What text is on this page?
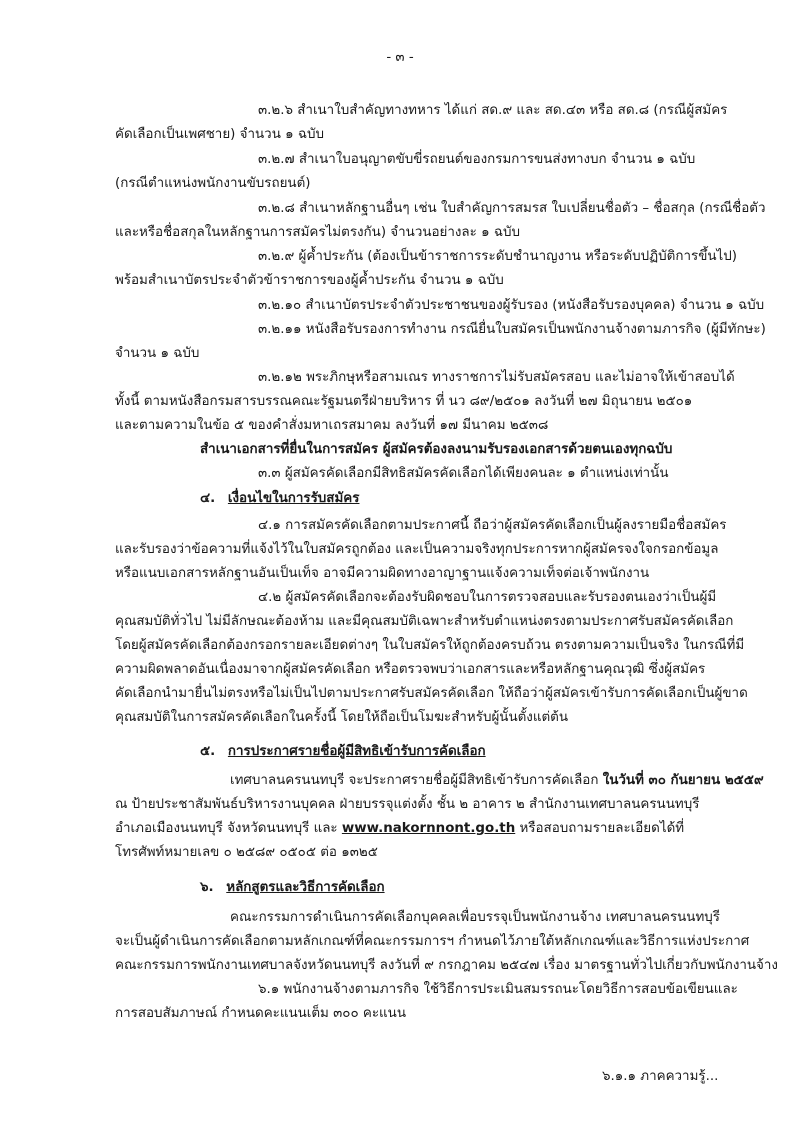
- ๓ -
๓.๒.๖ สำเนาใบสำคัญทางทหาร ได้แก่ สด.๙ และ สด.๔๓ หรือ สด.๘ (กรณีผู้สมัคร
คัดเลือกเป็นเพศชาย) จำนวน ๑ ฉบับ
๓.๒.๗ สำเนาใบอนุญาตขับขี่รถยนต์ของกรมการขนส่งทางบก จำนวน ๑ ฉบับ
(กรณีตำแหน่งพนักงานขับรถยนต์)
๓.๒.๘ สำเนาหลักฐานอื่นๆ เช่น ใบสำคัญการสมรส ใบเปลี่ยนชื่อตัว – ชื่อสกุล (กรณีชื่อตัว
และหรือชื่อสกุลในหลักฐานการสมัครไม่ตรงกัน) จำนวนอย่างละ ๑ ฉบับ
๓.๒.๙ ผู้ค้ำประกัน (ต้องเป็นข้าราชการระดับชำนาญงาน หรือระดับปฏิบัติการขึ้นไป)
พร้อมสำเนาบัตรประจำตัวข้าราชการของผู้ค้ำประกัน จำนวน ๑ ฉบับ
๓.๒.๑๐ สำเนาบัตรประจำตัวประชาชนของผู้รับรอง (หนังสือรับรองบุคคล) จำนวน ๑ ฉบับ
๓.๒.๑๑ หนังสือรับรองการทำงาน กรณียื่นใบสมัครเป็นพนักงานจ้างตามภารกิจ (ผู้มีทักษะ)
จำนวน ๑ ฉบับ
๓.๒.๑๒ พระภิกษุหรือสามเณร ทางราชการไม่รับสมัครสอบ และไม่อาจให้เข้าสอบได้
ทั้งนี้ ตามหนังสือกรมสารบรรณคณะรัฐมนตรีฝ่ายบริหาร ที่ นว ๘๙/๒๕๐๑ ลงวันที่ ๒๗ มิถุนายน ๒๕๐๑
และตามความในข้อ ๕ ของคำสั่งมหาเถรสมาคม ลงวันที่ ๑๗ มีนาคม ๒๕๓๘
สำเนาเอกสารที่ยื่นในการสมัคร ผู้สมัครต้องลงนามรับรองเอกสารด้วยตนเองทุกฉบับ
๓.๓ ผู้สมัครคัดเลือกมีสิทธิสมัครคัดเลือกได้เพียงคนละ ๑ ตำแหน่งเท่านั้น
๔. เงื่อนไขในการรับสมัคร
๔.๑ การสมัครคัดเลือกตามประกาศนี้ ถือว่าผู้สมัครคัดเลือกเป็นผู้ลงรายมือชื่อสมัคร
และรับรองว่าข้อความที่แจ้งไว้ในใบสมัครถูกต้อง และเป็นความจริงทุกประการหากผู้สมัครจงใจกรอกข้อมูล
หรือแนบเอกสารหลักฐานอันเป็นเท็จ อาจมีความผิดทางอาญาฐานแจ้งความเท็จต่อเจ้าพนักงาน
๔.๒ ผู้สมัครคัดเลือกจะต้องรับผิดชอบในการตรวจสอบและรับรองตนเองว่าเป็นผู้มี
คุณสมบัติทั่วไป ไม่มีลักษณะต้องห้าม และมีคุณสมบัติเฉพาะสำหรับตำแหน่งตรงตามประกาศรับสมัครคัดเลือก
โดยผู้สมัครคัดเลือกต้องกรอกรายละเอียดต่างๆ ในใบสมัครให้ถูกต้องครบถ้วน ตรงตามความเป็นจริง ในกรณีที่มี
ความผิดพลาดอันเนื่องมาจากผู้สมัครคัดเลือก หรือตรวจพบว่าเอกสารและหรือหลักฐานคุณวุฒิ ซึ่งผู้สมัคร
คัดเลือกนำมายื่นไม่ตรงหรือไม่เป็นไปตามประกาศรับสมัครคัดเลือก ให้ถือว่าผู้สมัครเข้ารับการคัดเลือกเป็นผู้ขาด
คุณสมบัติในการสมัครคัดเลือกในครั้งนี้ โดยให้ถือเป็นโมฆะสำหรับผู้นั้นตั้งแต่ต้น
๕. การประกาศรายชื่อผู้มีสิทธิเข้ารับการคัดเลือก
เทศบาลนครนนทบุรี จะประกาศรายชื่อผู้มีสิทธิเข้ารับการคัดเลือก ในวันที่ ๓๐ กันยายน ๒๕๕๙
ณ ป้ายประชาสัมพันธ์บริหารงานบุคคล ฝ่ายบรรจุแต่งตั้ง ชั้น ๒ อาคาร ๒ สำนักงานเทศบาลนครนนทบุรี
อำเภอเมืองนนทบุรี จังหวัดนนทบุรี และ www.nakornnont.go.th หรือสอบถามรายละเอียดได้ที่
โทรศัพท์หมายเลข ๐ ๒๕๘๙ ๐๕๐๕ ต่อ ๑๓๒๕
๖. หลักสูตรและวิธีการคัดเลือก
คณะกรรมการดำเนินการคัดเลือกบุคคลเพื่อบรรจุเป็นพนักงานจ้าง เทศบาลนครนนทบุรี
จะเป็นผู้ดำเนินการคัดเลือกตามหลักเกณฑ์ที่คณะกรรมการฯ กำหนดไว้ภายใต้หลักเกณฑ์และวิธีการแห่งประกาศ
คณะกรรมการพนักงานเทศบาลจังหวัดนนทบุรี ลงวันที่ ๙ กรกฎาคม ๒๕๔๗ เรื่อง มาตรฐานทั่วไปเกี่ยวกับพนักงานจ้าง
๖.๑ พนักงานจ้างตามภารกิจ ใช้วิธีการประเมินสมรรถนะโดยวิธีการสอบข้อเขียนและ
การสอบสัมภาษณ์ กำหนดคะแนนเต็ม ๓๐๐ คะแนน
๖.๑.๑ ภาคความรู้...
